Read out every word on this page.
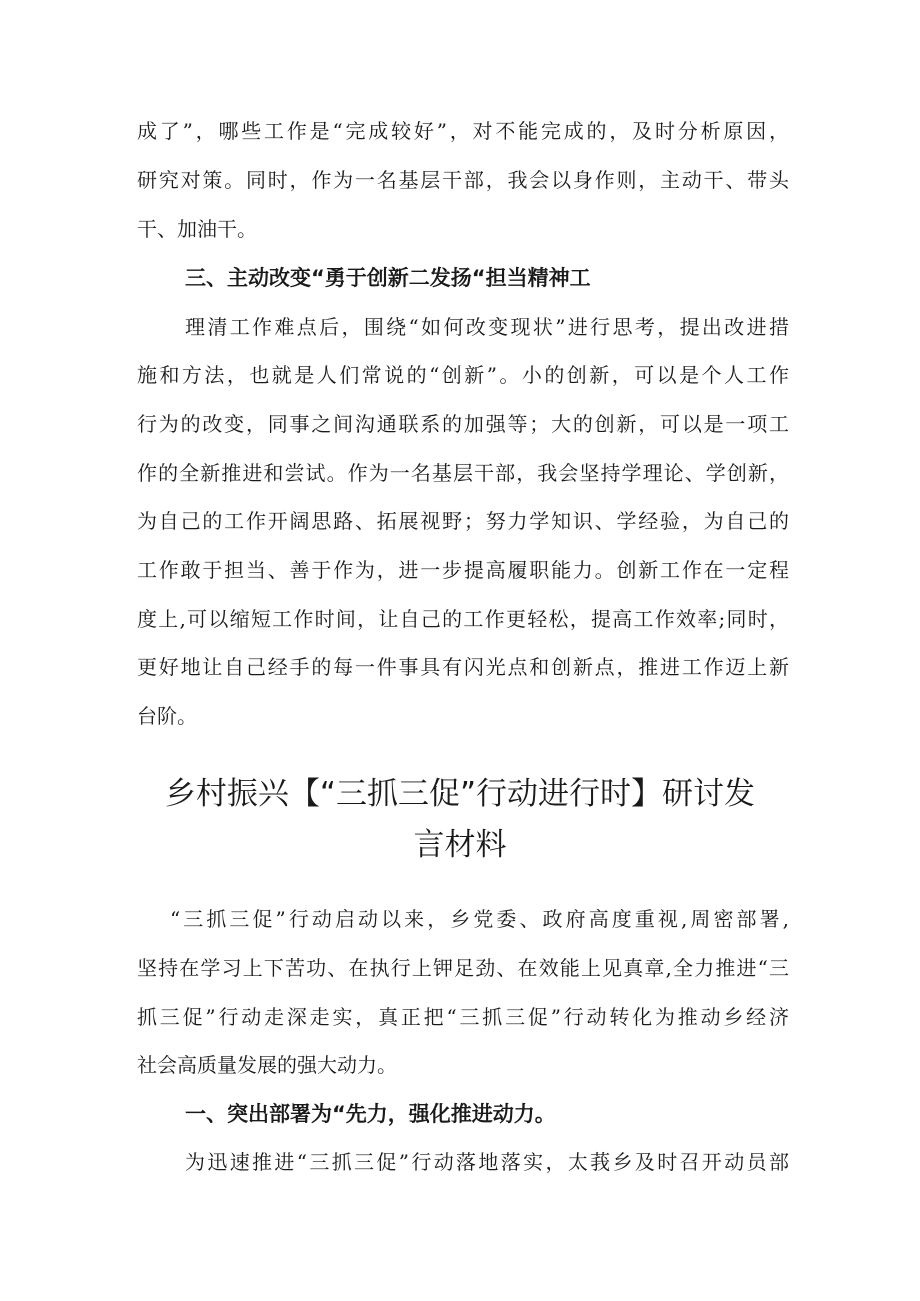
成了”，哪些工作是“完成较好”，对不能完成的，及时分析原因，
研究对策。同时，作为一名基层干部，我会以身作则，主动干、带头
干、加油干。
三、主动改变“勇于创新二发扬“担当精神工
理清工作难点后，围绕“如何改变现状”进行思考，提出改进措
施和方法，也就是人们常说的“创新”。小的创新，可以是个人工作
行为的改变，同事之间沟通联系的加强等；大的创新，可以是一项工
作的全新推进和尝试。作为一名基层干部，我会坚持学理论、学创新，
为自己的工作开阔思路、拓展视野；努力学知识、学经验，为自己的
工作敢于担当、善于作为，进一步提高履职能力。创新工作在一定程
度上,可以缩短工作时间，让自己的工作更轻松，提高工作效率;同时，
更好地让自己经手的每一件事具有闪光点和创新点，推进工作迈上新
台阶。
乡村振兴【“三抓三促”行动进行时】研讨发
言材料
“三抓三促”行动启动以来，乡党委、政府高度重视,周密部署,
坚持在学习上下苦功、在执行上钾足劲、在效能上见真章,全力推进“三
抓三促”行动走深走实，真正把“三抓三促”行动转化为推动乡经济
社会高质量发展的强大动力。
一、突出部署为“先力，强化推进动力。
为迅速推进“三抓三促”行动落地落实，太莪乡及时召开动员部
